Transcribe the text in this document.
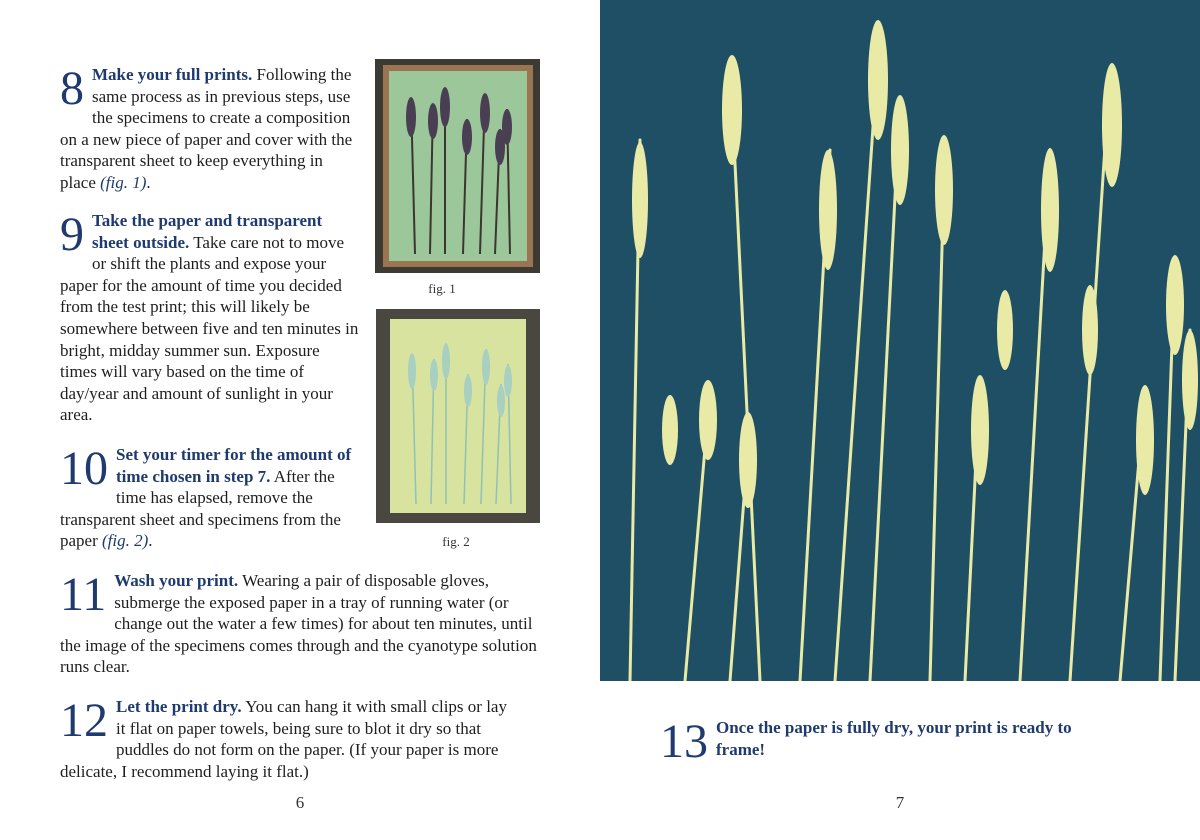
8 Make your full prints. Following the same process as in previous steps, use the specimens to create a composition on a new piece of paper and cover with the transparent sheet to keep everything in place (fig. 1).
9 Take the paper and transparent sheet outside. Take care not to move or shift the plants and expose your paper for the amount of time you decided from the test print; this will likely be somewhere between five and ten minutes in bright, midday summer sun. Exposure times will vary based on the time of day/year and amount of sunlight in your area.
10 Set your timer for the amount of time chosen in step 7. After the time has elapsed, remove the transparent sheet and specimens from the paper (fig. 2).
11 Wash your print. Wearing a pair of disposable gloves, submerge the exposed paper in a tray of running water (or change out the water a few times) for about ten minutes, until the image of the specimens comes through and the cyanotype solution runs clear.
12 Let the print dry. You can hang it with small clips or lay it flat on paper towels, being sure to blot it dry so that puddles do not form on the paper. (If your paper is more delicate, I recommend laying it flat.)
fig. 1
fig. 2
6
13 Once the paper is fully dry, your print is ready to frame!
7
